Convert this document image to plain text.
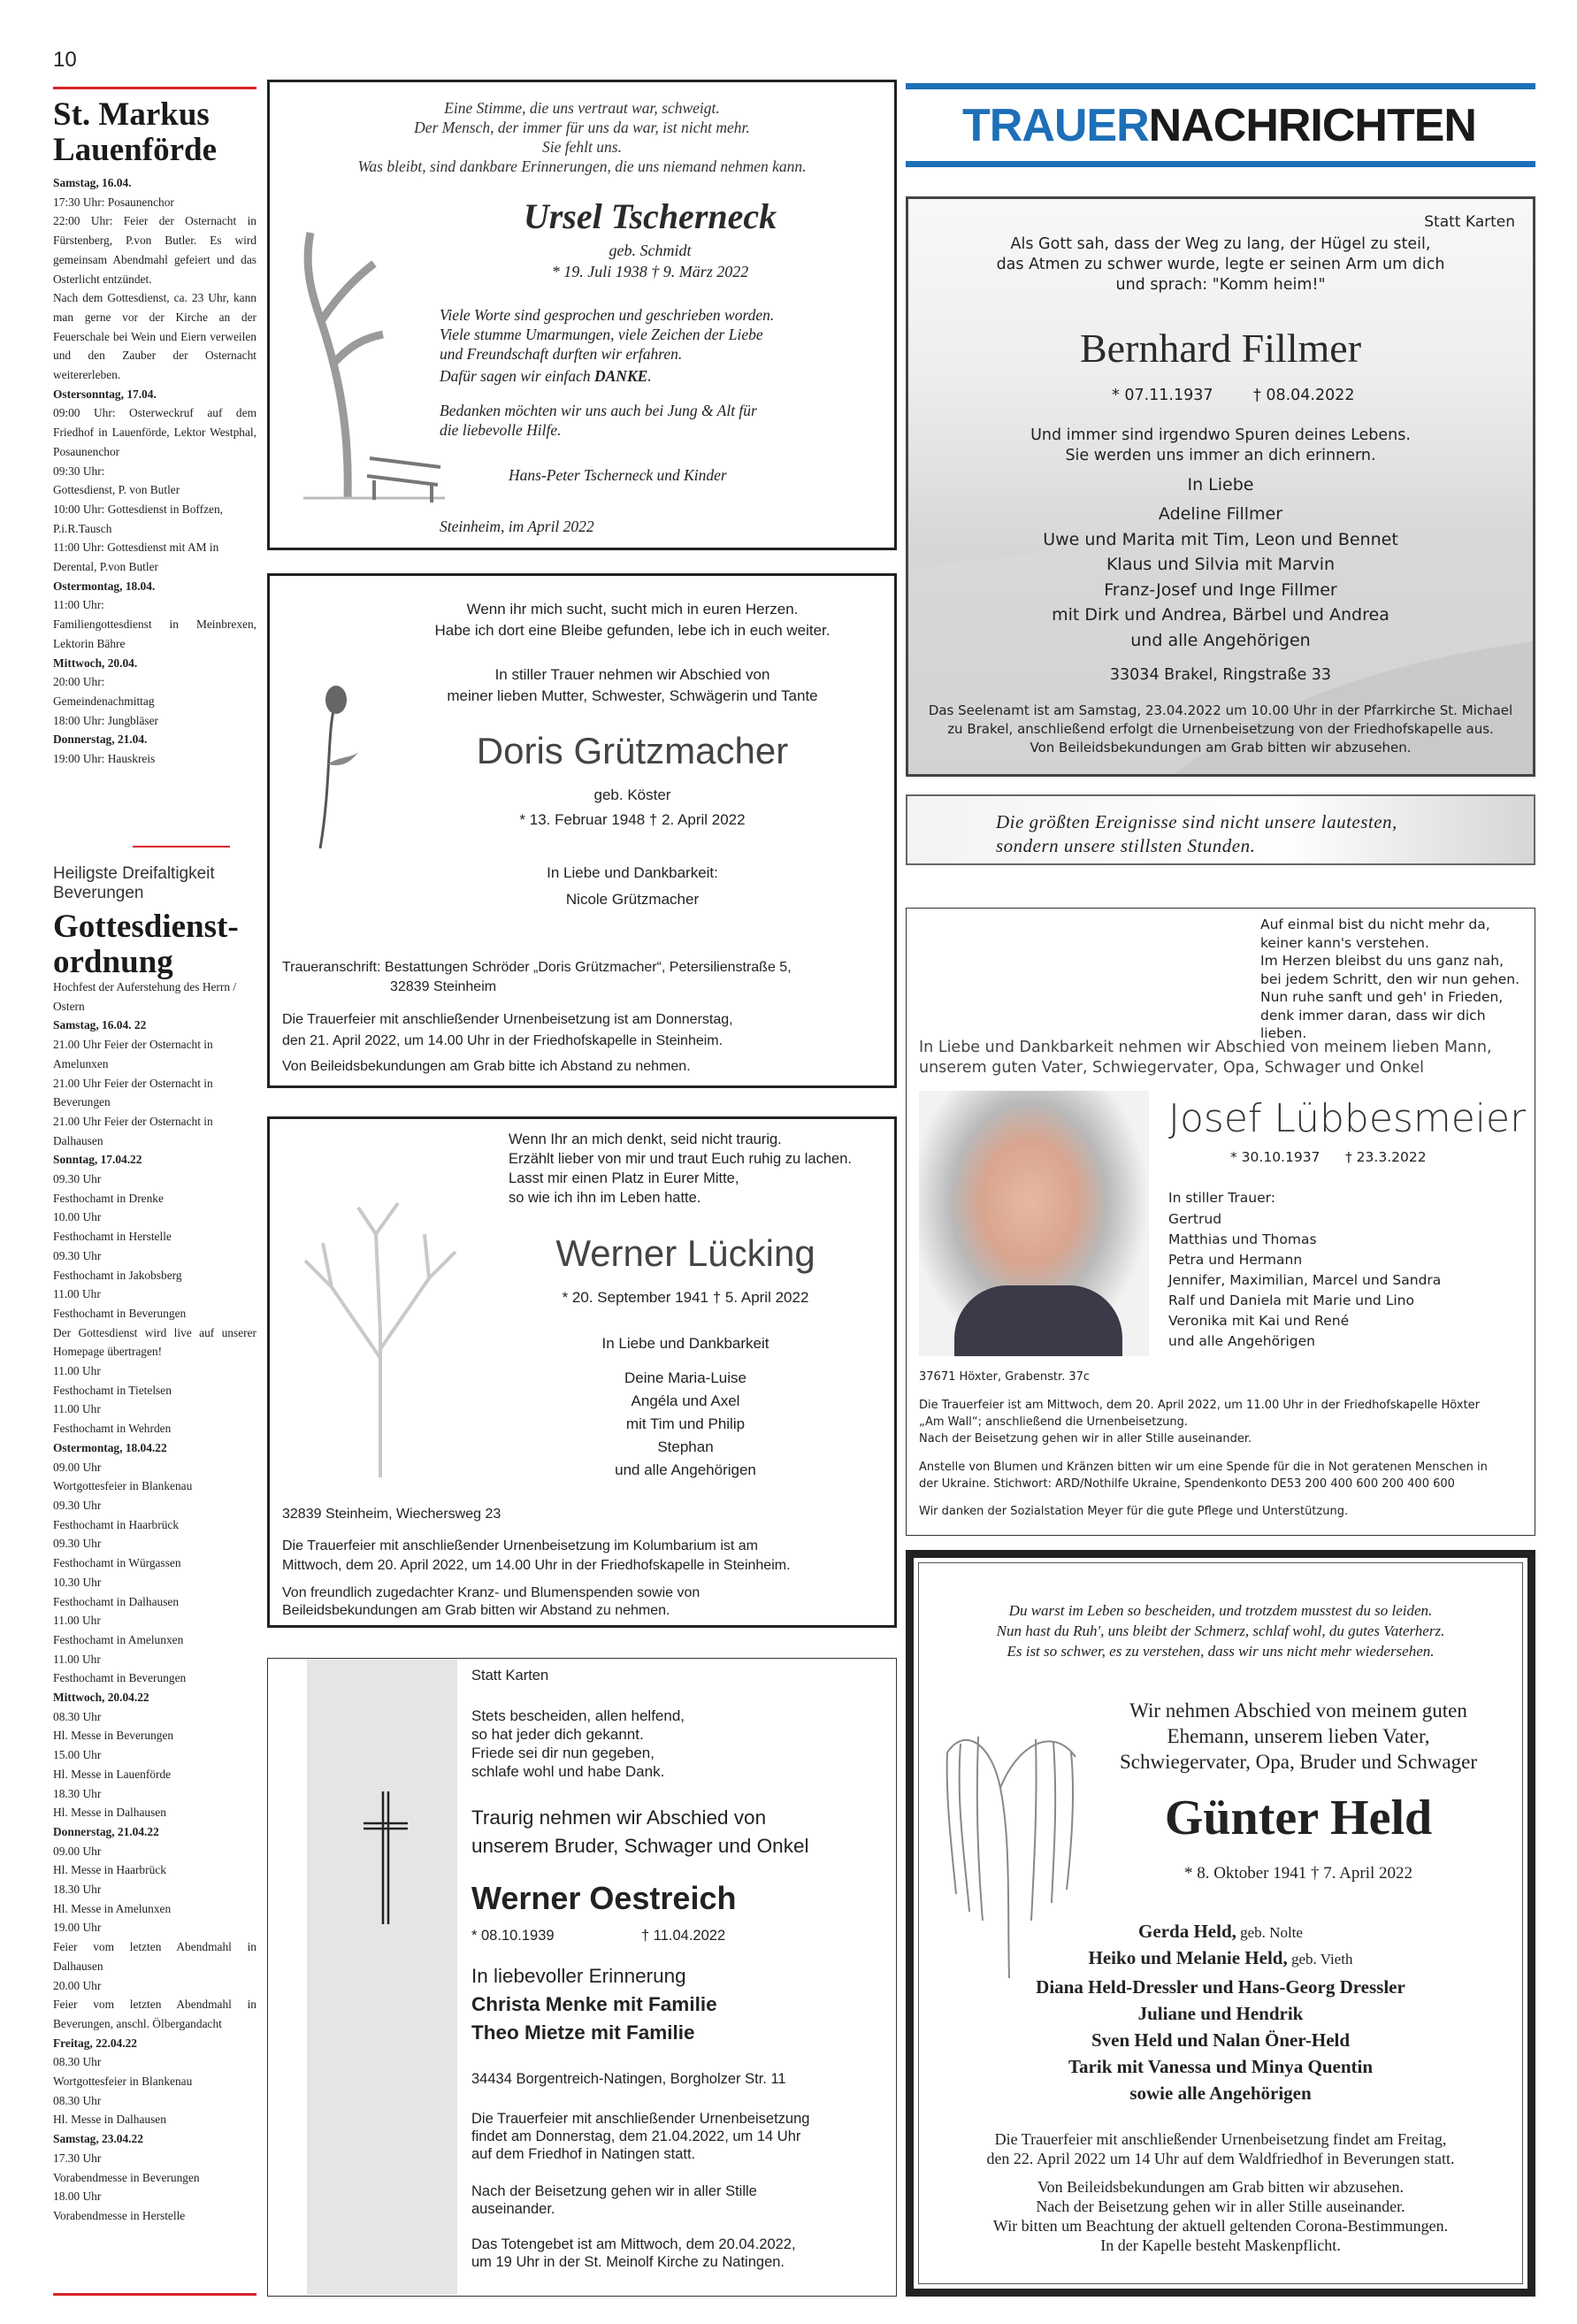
10
St. Markus
Lauenförde
Samstag, 16.04.
17:30 Uhr: Posaunenchor
22:00 Uhr: Feier der Osternacht in Fürstenberg, P.von Butler. Es wird gemeinsam Abendmahl gefeiert und das Osterlicht entzündet.
Nach dem Gottesdienst, ca. 23 Uhr, kann man gerne vor der Kirche an der Feuerschale bei Wein und Eiern verweilen und den Zauber der Osternacht weitererleben.
Ostersonntag, 17.04.
09:00 Uhr: Osterweckruf auf dem Friedhof in Lauenförde, Lektor Westphal, Posaunenchor
09:30 Uhr:
Gottesdienst, P. von Butler
10:00 Uhr: Gottesdienst in Boffzen, P.i.R.Tausch
11:00 Uhr: Gottesdienst mit AM in Derental, P.von Butler
Ostermontag, 18.04.
11:00 Uhr:
Familiengottesdienst in Meinbrexen, Lektorin Bähre
Mittwoch, 20.04.
20:00 Uhr:
Gemeindenachmittag
18:00 Uhr: Jungbläser
Donnerstag, 21.04.
19:00 Uhr: Hauskreis
Heiligste Dreifaltigkeit
Beverungen
Gottesdienst-
ordnung
Hochfest der Auferstehung des Herrn / Ostern
Samstag, 16.04. 22
21.00 Uhr Feier der Osternacht in Amelunxen
21.00 Uhr Feier der Osternacht in Beverungen
21.00 Uhr Feier der Osternacht in Dalhausen
Sonntag, 17.04.22
09.30 Uhr
Festhochamt in Drenke
10.00 Uhr
Festhochamt in Herstelle
09.30 Uhr
Festhochamt in Jakobsberg
11.00 Uhr
Festhochamt in Beverungen
Der Gottesdienst wird live auf unserer Homepage übertragen!
11.00 Uhr
Festhochamt in Tietelsen
11.00 Uhr
Festhochamt in Wehrden
Ostermontag, 18.04.22
09.00 Uhr
Wortgottesfeier in Blankenau
09.30 Uhr
Festhochamt in Haarbrück
09.30 Uhr
Festhochamt in Würgassen
10.30 Uhr
Festhochamt in Dalhausen
11.00 Uhr
Festhochamt in Amelunxen
11.00 Uhr
Festhochamt in Beverungen
Mittwoch, 20.04.22
08.30 Uhr
Hl. Messe in Beverungen
15.00 Uhr
Hl. Messe in Lauenförde
18.30 Uhr
Hl. Messe in Dalhausen
Donnerstag, 21.04.22
09.00 Uhr
Hl. Messe in Haarbrück
18.30 Uhr
Hl. Messe in Amelunxen
19.00 Uhr
Feier vom letzten Abendmahl in Dalhausen
20.00 Uhr
Feier vom letzten Abendmahl in Beverungen, anschl. Ölbergandacht
Freitag, 22.04.22
08.30 Uhr
Wortgottesfeier in Blankenau
08.30 Uhr
Hl. Messe in Dalhausen
Samstag, 23.04.22
17.30 Uhr
Vorabendmesse in Beverungen
18.00 Uhr
Vorabendmesse in Herstelle
Eine Stimme, die uns vertraut war, schweigt.
Der Mensch, der immer für uns da war, ist nicht mehr.
Sie fehlt uns.
Was bleibt, sind dankbare Erinnerungen, die uns niemand nehmen kann.
Ursel Tscherneck
geb. Schmidt
* 19. Juli 1938 † 9. März 2022
Viele Worte sind gesprochen und geschrieben worden.
Viele stumme Umarmungen, viele Zeichen der Liebe
und Freundschaft durften wir erfahren.
Dafür sagen wir einfach DANKE.
Bedanken möchten wir uns auch bei Jung & Alt für
die liebevolle Hilfe.
Hans-Peter Tscherneck und Kinder
Steinheim, im April 2022
Wenn ihr mich sucht, sucht mich in euren Herzen.
Habe ich dort eine Bleibe gefunden, lebe ich in euch weiter.
In stiller Trauer nehmen wir Abschied von
meiner lieben Mutter, Schwester, Schwägerin und Tante
Doris Grützmacher
geb. Köster
* 13. Februar 1948 † 2. April 2022
In Liebe und Dankbarkeit:
Nicole Grützmacher
Traueranschrift: Bestattungen Schröder „Doris Grützmacher“, Petersilienstraße 5,
32839 Steinheim
Die Trauerfeier mit anschließender Urnenbeisetzung ist am Donnerstag,
den 21. April 2022, um 14.00 Uhr in der Friedhofskapelle in Steinheim.
Von Beileidsbekundungen am Grab bitte ich Abstand zu nehmen.
Wenn Ihr an mich denkt, seid nicht traurig.
Erzählt lieber von mir und traut Euch ruhig zu lachen.
Lasst mir einen Platz in Eurer Mitte,
so wie ich ihn im Leben hatte.
Werner Lücking
* 20. September 1941 † 5. April 2022
In Liebe und Dankbarkeit
Deine Maria-Luise
Angéla und Axel
mit Tim und Philip
Stephan
und alle Angehörigen
32839 Steinheim, Wiechersweg 23
Die Trauerfeier mit anschließender Urnenbeisetzung im Kolumbarium ist am
Mittwoch, dem 20. April 2022, um 14.00 Uhr in der Friedhofskapelle in Steinheim.
Von freundlich zugedachter Kranz- und Blumenspenden sowie von
Beileidsbekundungen am Grab bitten wir Abstand zu nehmen.
Statt Karten
Stets bescheiden, allen helfend,
so hat jeder dich gekannt.
Friede sei dir nun gegeben,
schlafe wohl und habe Dank.
Traurig nehmen wir Abschied von
unserem Bruder, Schwager und Onkel
Werner Oestreich
* 08.10.1939	† 11.04.2022
In liebevoller Erinnerung
Christa Menke mit Familie
Theo Mietze mit Familie
34434 Borgentreich-Natingen, Borgholzer Str. 11
Die Trauerfeier mit anschließender Urnenbeisetzung
findet am Donnerstag, dem 21.04.2022, um 14 Uhr
auf dem Friedhof in Natingen statt.
Nach der Beisetzung gehen wir in aller Stille
auseinander.
Das Totengebet ist am Mittwoch, dem 20.04.2022,
um 19 Uhr in der St. Meinolf Kirche zu Natingen.
TRAUERNACHRICHTEN
Statt Karten
Als Gott sah, dass der Weg zu lang, der Hügel zu steil,
das Atmen zu schwer wurde, legte er seinen Arm um dich
und sprach: "Komm heim!"
Bernhard Fillmer
* 07.11.1937	† 08.04.2022
Und immer sind irgendwo Spuren deines Lebens.
Sie werden uns immer an dich erinnern.
In Liebe
Adeline Fillmer
Uwe und Marita mit Tim, Leon und Bennet
Klaus und Silvia mit Marvin
Franz-Josef und Inge Fillmer
mit Dirk und Andrea, Bärbel und Andrea
und alle Angehörigen
33034 Brakel, Ringstraße 33
Das Seelenamt ist am Samstag, 23.04.2022 um 10.00 Uhr in der Pfarrkirche St. Michael
zu Brakel, anschließend erfolgt die Urnenbeisetzung von der Friedhofskapelle aus.
Von Beileidsbekundungen am Grab bitten wir abzusehen.
Die größten Ereignisse sind nicht unsere lautesten,
sondern unsere stillsten Stunden.
Auf einmal bist du nicht mehr da,
keiner kann's verstehen.
Im Herzen bleibst du uns ganz nah,
bei jedem Schritt, den wir nun gehen.
Nun ruhe sanft und geh' in Frieden,
denk immer daran, dass wir dich lieben.
In Liebe und Dankbarkeit nehmen wir Abschied von meinem lieben Mann,
unserem guten Vater, Schwiegervater, Opa, Schwager und Onkel
Josef Lübbesmeier
* 30.10.1937 † 23.3.2022
In stiller Trauer:
Gertrud
Matthias und Thomas
Petra und Hermann
Jennifer, Maximilian, Marcel und Sandra
Ralf und Daniela mit Marie und Lino
Veronika mit Kai und René
und alle Angehörigen
37671 Höxter, Grabenstr. 37c
Die Trauerfeier ist am Mittwoch, dem 20. April 2022, um 11.00 Uhr in der Friedhofskapelle Höxter
„Am Wall“; anschließend die Urnenbeisetzung.
Nach der Beisetzung gehen wir in aller Stille auseinander.
Anstelle von Blumen und Kränzen bitten wir um eine Spende für die in Not geratenen Menschen in
der Ukraine. Stichwort: ARD/Nothilfe Ukraine, Spendenkonto DE53 200 400 600 200 400 600
Wir danken der Sozialstation Meyer für die gute Pflege und Unterstützung.
Du warst im Leben so bescheiden, und trotzdem musstest du so leiden.
Nun hast du Ruh', uns bleibt der Schmerz, schlaf wohl, du gutes Vaterherz.
Es ist so schwer, es zu verstehen, dass wir uns nicht mehr wiedersehen.
Wir nehmen Abschied von meinem guten
Ehemann, unserem lieben Vater,
Schwiegervater, Opa, Bruder und Schwager
Günter Held
* 8. Oktober 1941 † 7. April 2022
Gerda Held, geb. Nolte
Heiko und Melanie Held, geb. Vieth
Diana Held-Dressler und Hans-Georg Dressler
Juliane und Hendrik
Sven Held und Nalan Öner-Held
Tarik mit Vanessa und Minya Quentin
sowie alle Angehörigen
Die Trauerfeier mit anschließender Urnenbeisetzung findet am Freitag,
den 22. April 2022 um 14 Uhr auf dem Waldfriedhof in Beverungen statt.
Von Beileidsbekundungen am Grab bitten wir abzusehen.
Nach der Beisetzung gehen wir in aller Stille auseinander.
Wir bitten um Beachtung der aktuell geltenden Corona-Bestimmungen.
In der Kapelle besteht Maskenpflicht.
